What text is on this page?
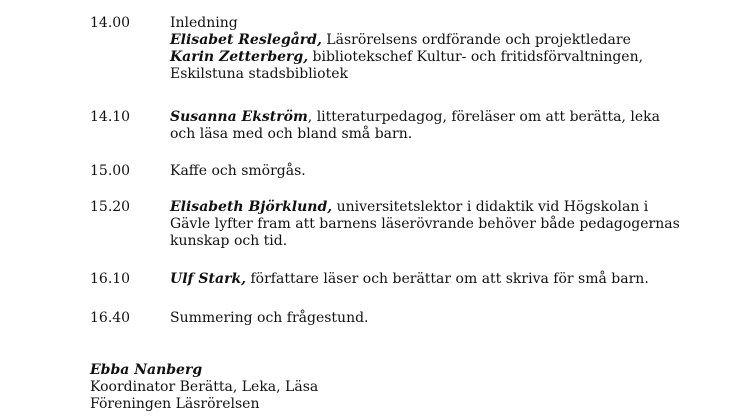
14.00	Inledning
Elisabet Reslegård, Läsrörelsens ordförande och projektledare
Karin Zetterberg, bibliotekschef Kultur- och fritidsförvaltningen,
Eskilstuna stadsbibliotek
14.10	Susanna Ekström, litteraturpedagog, föreläser om att berätta, leka
och läsa med och bland små barn.
15.00	Kaffe och smörgås.
15.20	Elisabeth Björklund, universitetslektor i didaktik vid Högskolan i
Gävle lyfter fram att barnens läserövrande behöver både pedagogernas
kunskap och tid.
16.10	Ulf Stark, författare läser och berättar om att skriva för små barn.
16.40	Summering och frågestund.
Ebba Nanberg
Koordinator Berätta, Leka, Läsa
Föreningen Läsrörelsen
